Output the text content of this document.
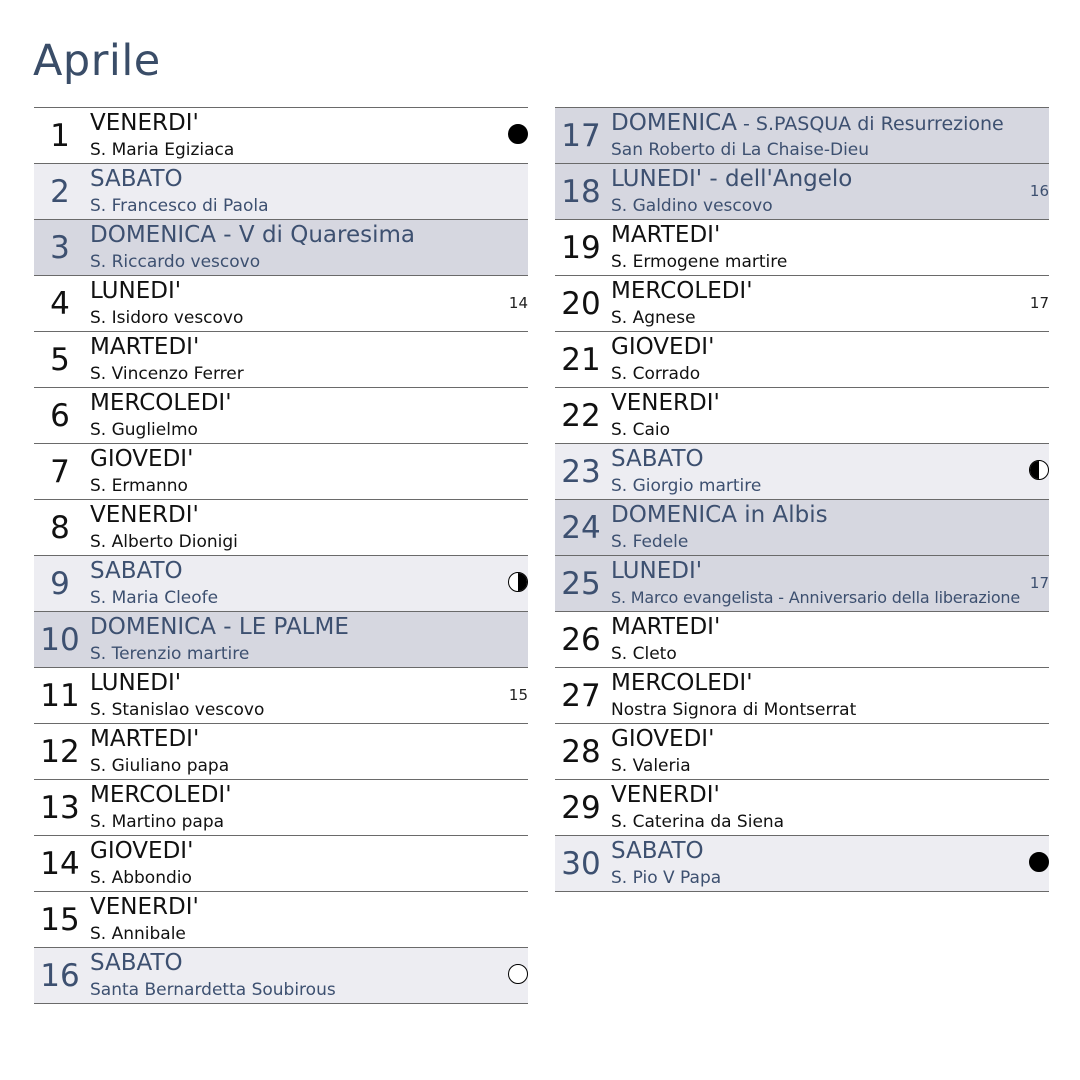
Aprile
1 VENERDI'
S. Maria Egiziaca
2 SABATO
S. Francesco di Paola
3 DOMENICA - V di Quaresima
S. Riccardo vescovo
4 LUNEDI'
S. Isidoro vescovo
14
5 MARTEDI'
S. Vincenzo Ferrer
6 MERCOLEDI'
S. Guglielmo
7 GIOVEDI'
S. Ermanno
8 VENERDI'
S. Alberto Dionigi
9 SABATO
S. Maria Cleofe
10 DOMENICA - LE PALME
S. Terenzio martire
11 LUNEDI'
S. Stanislao vescovo
15
12 MARTEDI'
S. Giuliano papa
13 MERCOLEDI'
S. Martino papa
14 GIOVEDI'
S. Abbondio
15 VENERDI'
S. Annibale
16 SABATO
Santa Bernardetta Soubirous
17 DOMENICA - S.PASQUA di Resurrezione
San Roberto di La Chaise-Dieu
18 LUNEDI' - dell'Angelo
S. Galdino vescovo
16
19 MARTEDI'
S. Ermogene martire
20 MERCOLEDI'
S. Agnese
17
21 GIOVEDI'
S. Corrado
22 VENERDI'
S. Caio
23 SABATO
S. Giorgio martire
24 DOMENICA in Albis
S. Fedele
25 LUNEDI'
S. Marco evangelista - Anniversario della liberazione
17
26 MARTEDI'
S. Cleto
27 MERCOLEDI'
Nostra Signora di Montserrat
28 GIOVEDI'
S. Valeria
29 VENERDI'
S. Caterina da Siena
30 SABATO
S. Pio V Papa
